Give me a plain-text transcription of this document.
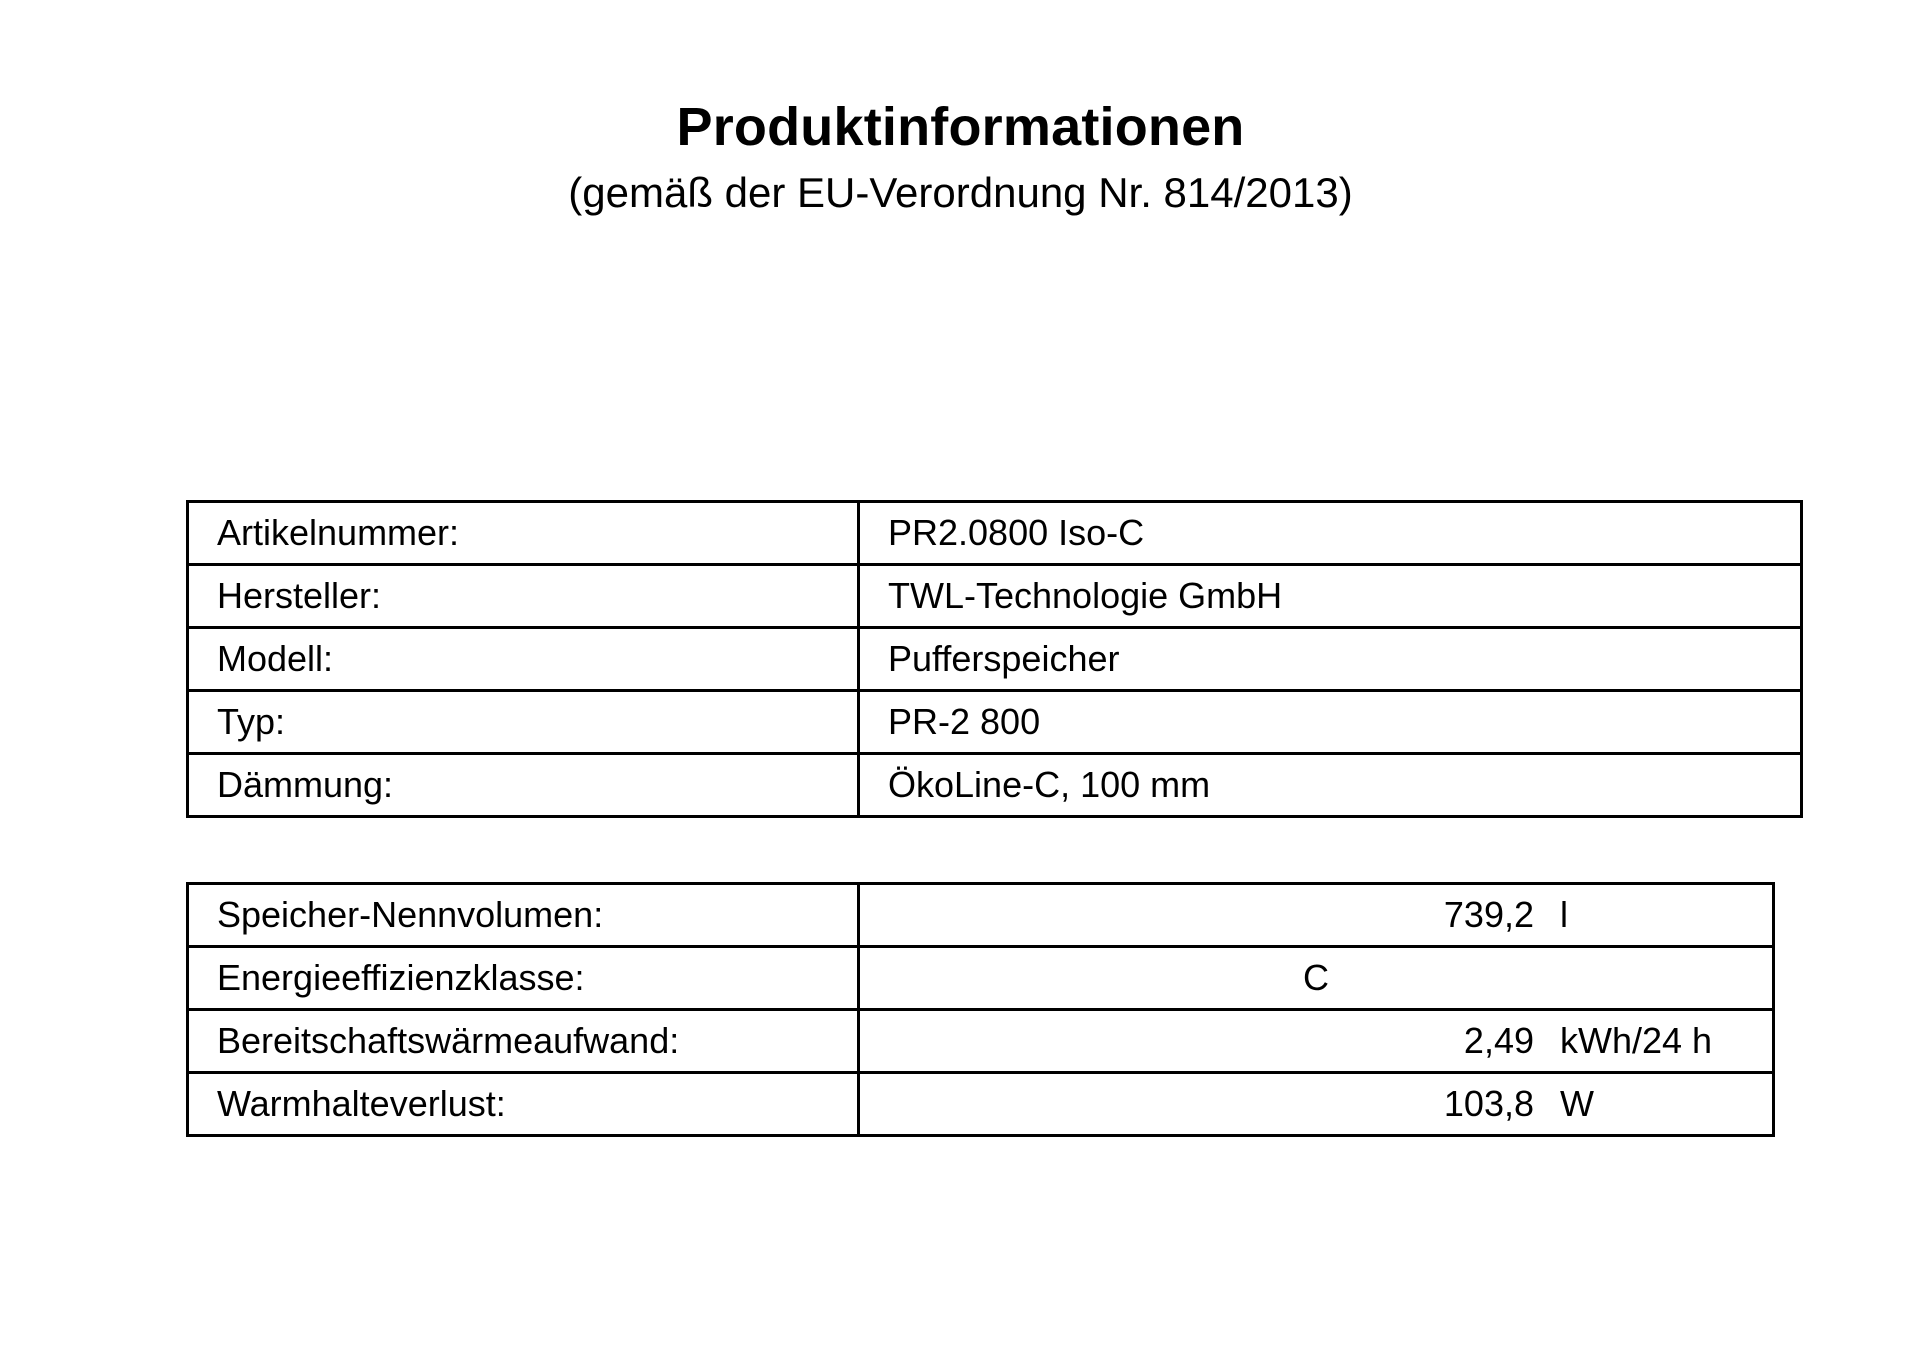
Produktinformationen

(gemäß der EU-Verordnung Nr. 814/2013)

Artikelnummer:	PR2.0800 Iso-C
Hersteller:	TWL-Technologie GmbH
Modell:	Pufferspeicher
Typ:	PR-2 800
Dämmung:	ÖkoLine-C, 100 mm
Speicher-Nennvolumen:	739,2 l

Energieeffizienzklasse:	C

Bereitschaftswärmeaufwand:	2,49 kWh/24 h

Warmhalteverlust:	103,8 W
